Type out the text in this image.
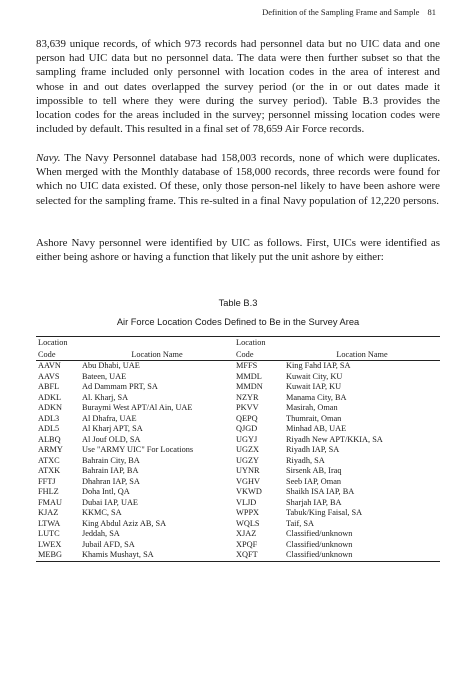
Definition of the Sampling Frame and Sample 81

83,639 unique records, of which 973 records had personnel data but no UIC data and one person had UIC data but no personnel data. The data were then further subset so that the sampling frame included only personnel with location codes in the area of interest and whose in and out dates overlapped the survey period (or the in or out dates made it impossible to tell where they were during the survey period). Table B.3 provides the location codes for the areas included in the survey; personnel missing location codes were included by default. This resulted in a final set of 78,659 Air Force records.

Navy. The Navy Personnel database had 158,003 records, none of which were duplicates. When merged with the Monthly database of 158,000 records, three records were found for which no UIC data existed. Of these, only those person-nel likely to have been ashore were selected for the sampling frame. This re-sulted in a final Navy population of 12,220 persons.

Ashore Navy personnel were identified by UIC as follows. First, UICs were identified as either being ashore or having a function that likely put the unit ashore by either:

Table B.3
Air Force Location Codes Defined to Be in the Survey Area
Location		Location	
Code	Location Name	Code	Location Name
AAVN	Abu Dhabi, UAE	MFFS	King Fahd IAP, SA
AAVS	Bateen, UAE	MMDL	Kuwait City, KU
ABFL	Ad Dammam PRT, SA	MMDN	Kuwait IAP, KU
ADKL	Al. Kharj, SA	NZYR	Manama City, BA
ADKN	Buraymi West APT/Al Ain, UAE	PKVV	Masirah, Oman
ADL3	Al Dhafra, UAE	QEPQ	Thumrait, Oman
ADL5	Al Kharj APT, SA	QJGD	Minhad AB, UAE
ALBQ	Al Jouf OLD, SA	UGYJ	Riyadh New APT/KKIA, SA
ARMY	Use "ARMY UIC" For Locations	UGZX	Riyadh IAP, SA
ATXC	Bahrain City, BA	UGZY	Riyadh, SA
ATXK	Bahrain IAP, BA	UYNR	Sirsenk AB, Iraq
FFTJ	Dhahran IAP, SA	VGHV	Seeb IAP, Oman
FHLZ	Doha Intl, QA	VKWD	Shaikh ISA IAP, BA
FMAU	Dubai IAP, UAE	VLJD	Sharjah IAP, BA
KJAZ	KKMC, SA	WPPX	Tabuk/King Faisal, SA
LTWA	King Abdul Aziz AB, SA	WQLS	Taif, SA
LUTC	Jeddah, SA	XJAZ	Classified/unknown
LWEX	Jubail AFD, SA	XPQF	Classified/unknown
MEBG	Khamis Mushayt, SA	XQFT	Classified/unknown
